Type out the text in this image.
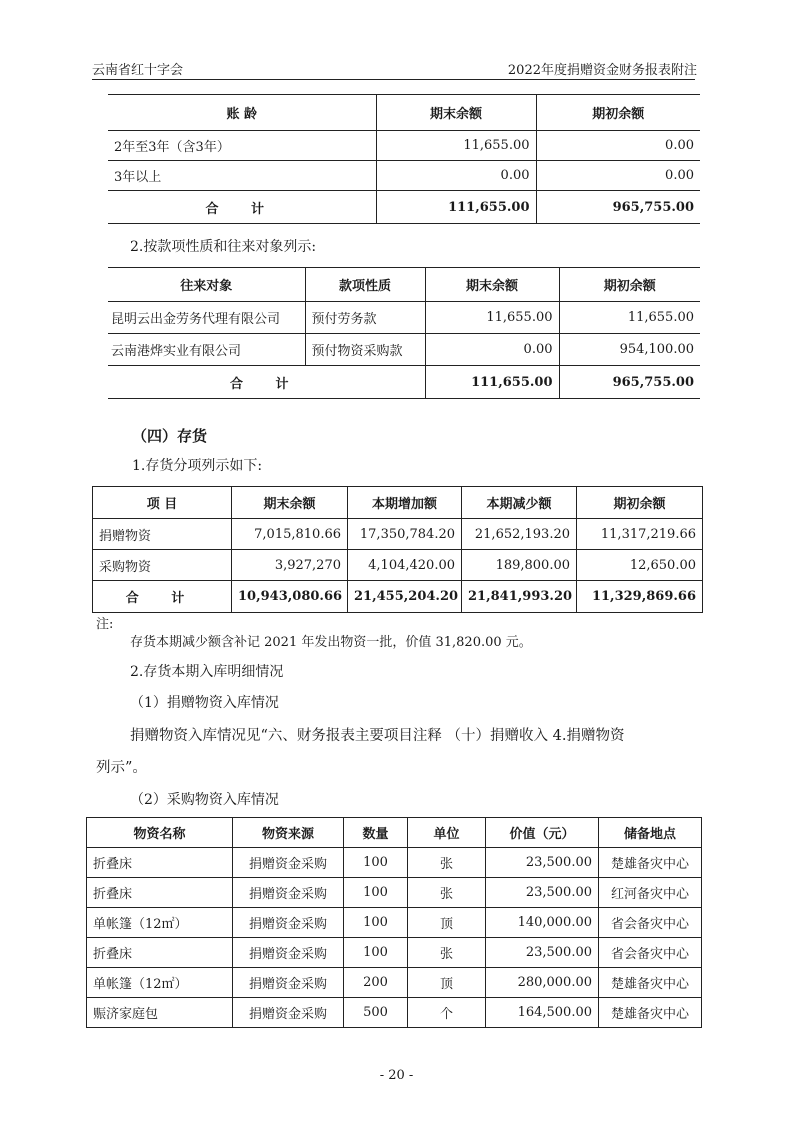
云南省红十字会	2022年度捐赠资金财务报表附注
账 龄	期末余额	期初余额
2年至3年（含3年）	11,655.00	0.00
3年以上	0.00	0.00
合 计	111,655.00	965,755.00
2.按款项性质和往来对象列示:
往来对象	款项性质	期末余额	期初余额
昆明云出金劳务代理有限公司	预付劳务款	11,655.00	11,655.00
云南港烨实业有限公司	预付物资采购款	0.00	954,100.00
合 计		111,655.00	965,755.00
（四）存货
1.存货分项列示如下:
项 目	期末余额	本期增加额	本期减少额	期初余额
捐赠物资	7,015,810.66	17,350,784.20	21,652,193.20	11,317,219.66
采购物资	3,927,270	4,104,420.00	189,800.00	12,650.00
合 计	10,943,080.66	21,455,204.20	21,841,993.20	11,329,869.66
注:
存货本期减少额含补记 2021 年发出物资一批，价值 31,820.00 元。
2.存货本期入库明细情况
（1）捐赠物资入库情况
捐赠物资入库情况见“六、财务报表主要项目注释 （十）捐赠收入 4.捐赠物资
列示”。
（2）采购物资入库情况
物资名称	物资来源	数量	单位	价值（元）	储备地点
折叠床	捐赠资金采购	100	张	23,500.00	楚雄备灾中心
折叠床	捐赠资金采购	100	张	23,500.00	红河备灾中心
单帐篷（12㎡）	捐赠资金采购	100	顶	140,000.00	省会备灾中心
折叠床	捐赠资金采购	100	张	23,500.00	省会备灾中心
单帐篷（12㎡）	捐赠资金采购	200	顶	280,000.00	楚雄备灾中心
赈济家庭包	捐赠资金采购	500	个	164,500.00	楚雄备灾中心
- 20 -
